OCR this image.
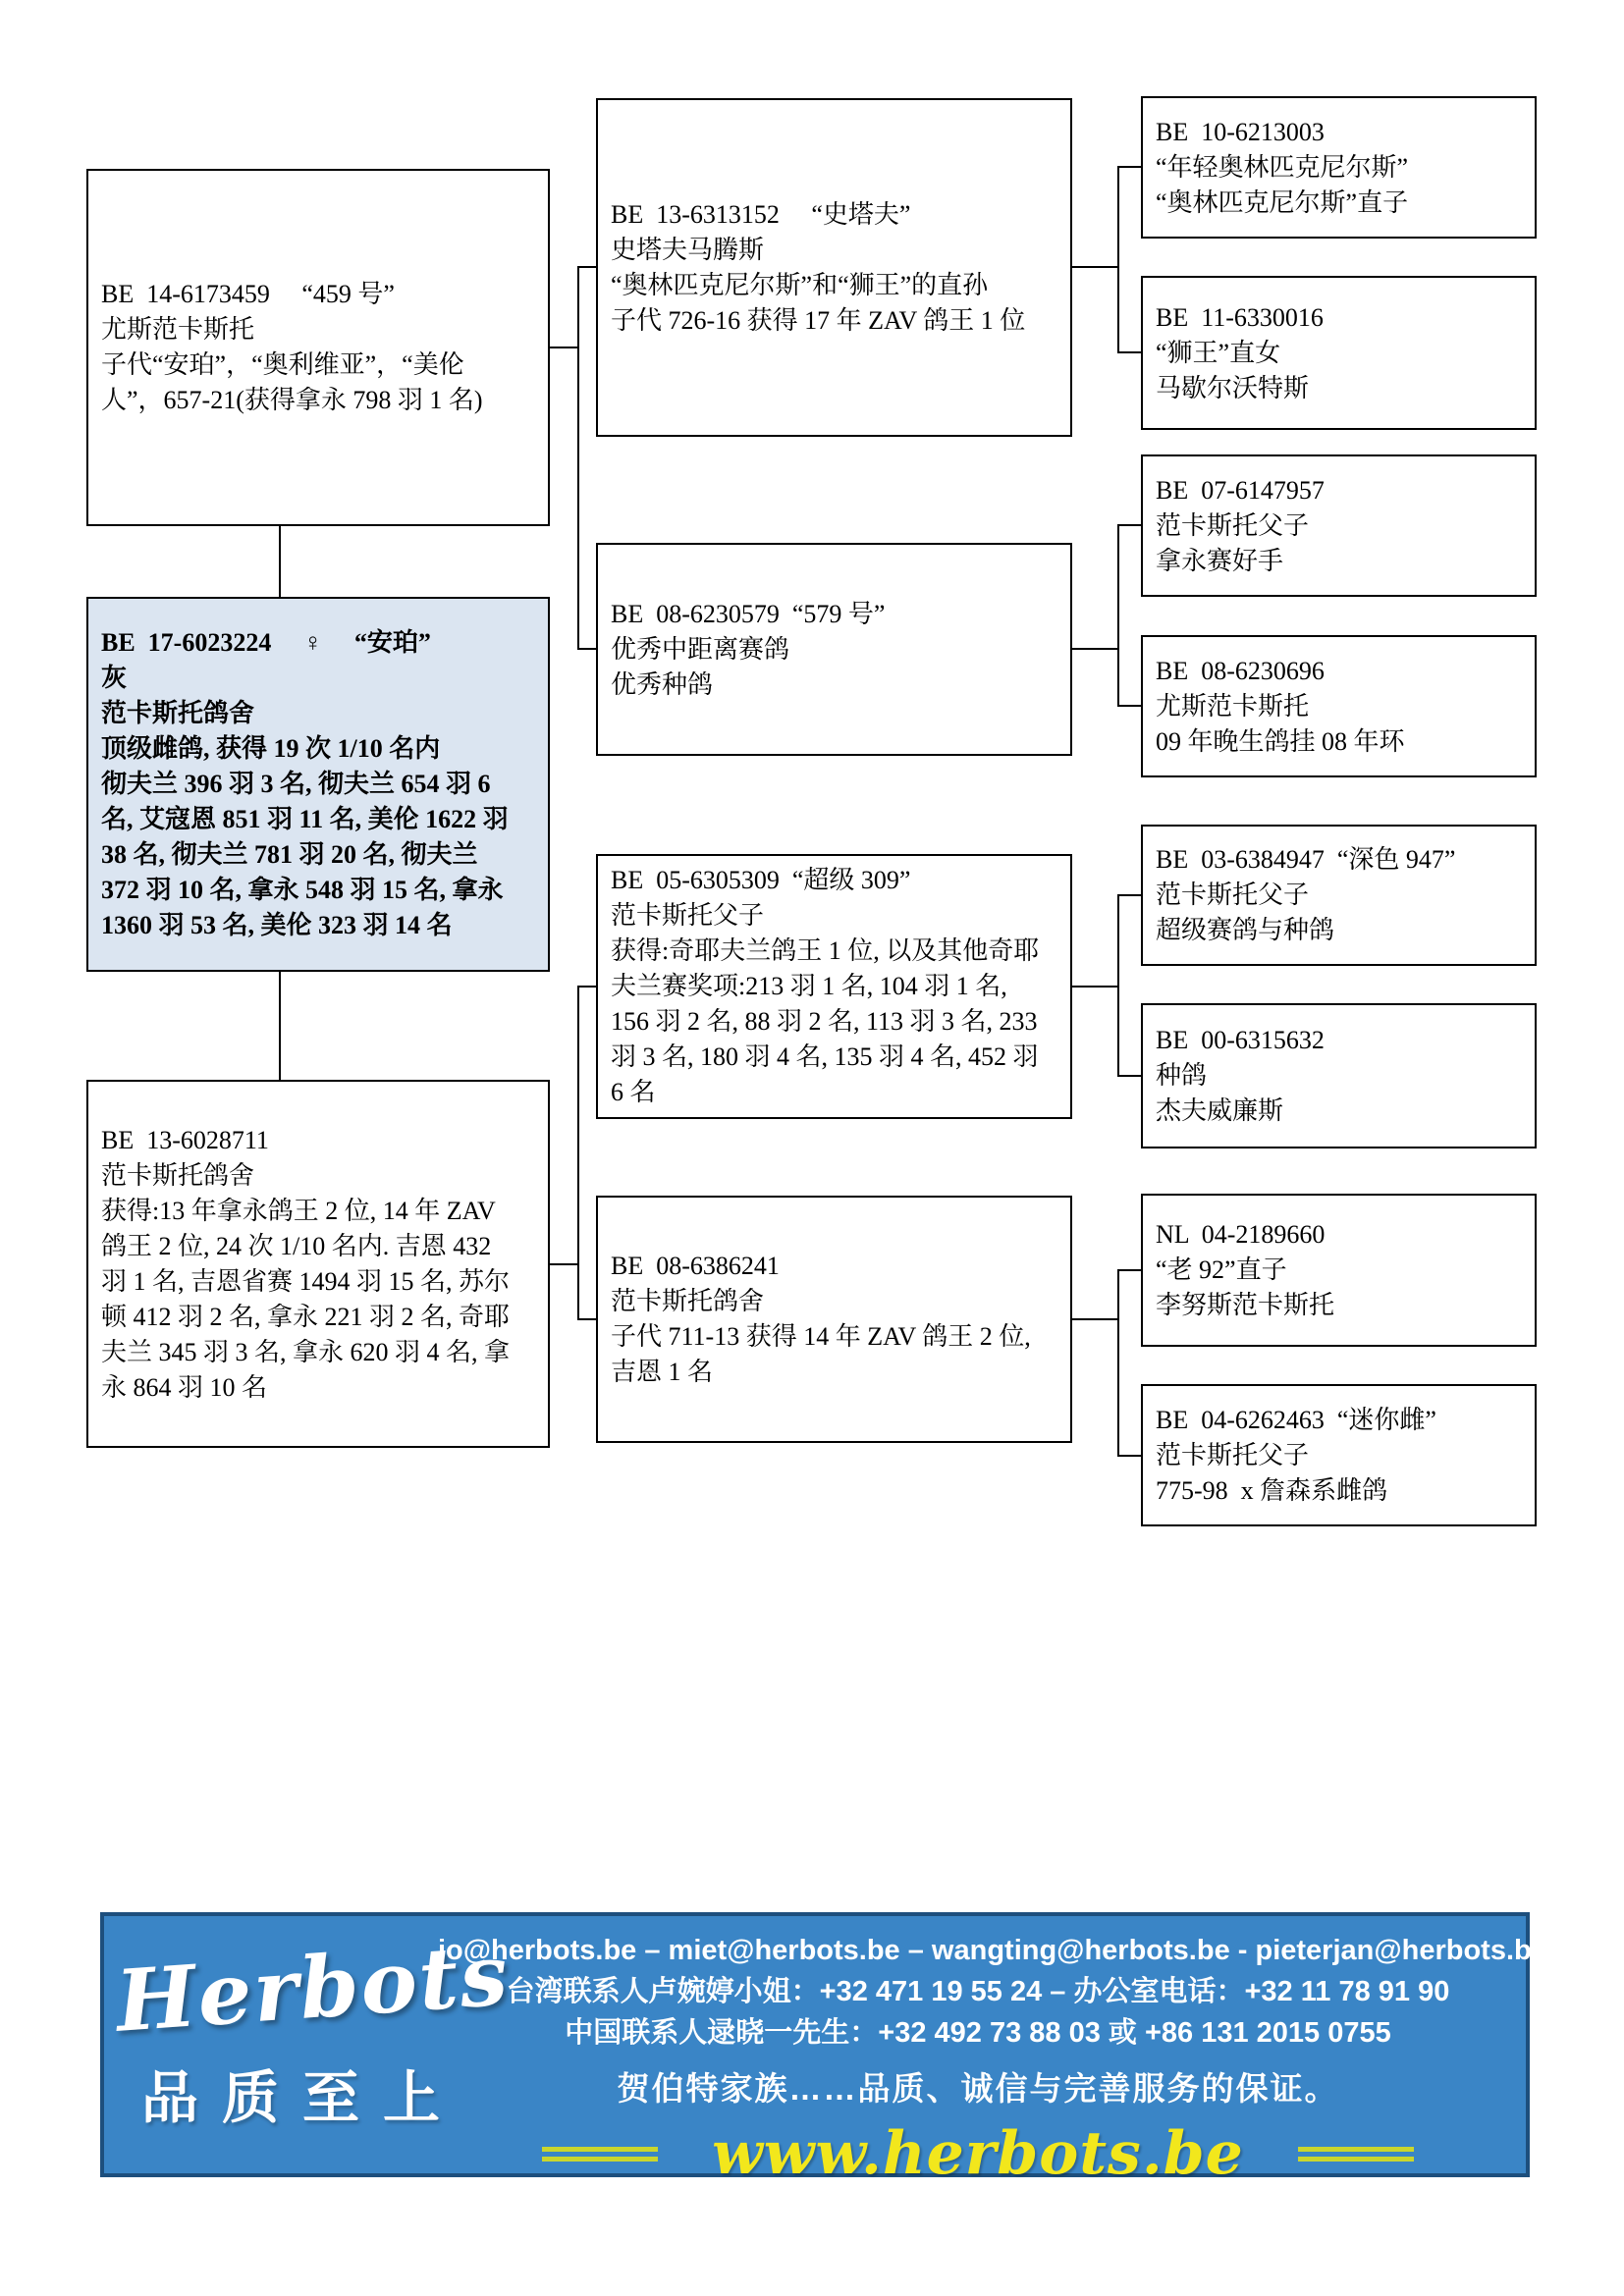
BE  14-6173459　 “459 号”
尤斯范卡斯托
子代“安珀”，“奥利维亚”，“美伦
人”，657-21(获得拿永 798 羽 1 名)
BE  17-6023224　 ♀　 “安珀”
灰
范卡斯托鸽舍
顶级雌鸽, 获得 19 次 1/10 名内
彻夫兰 396 羽 3 名, 彻夫兰 654 羽 6
名, 艾寇恩 851 羽 11 名, 美伦 1622 羽
38 名, 彻夫兰 781 羽 20 名, 彻夫兰
372 羽 10 名, 拿永 548 羽 15 名, 拿永
1360 羽 53 名, 美伦 323 羽 14 名
BE  13-6028711
范卡斯托鸽舍
获得:13 年拿永鸽王 2 位, 14 年 ZAV
鸽王 2 位, 24 次 1/10 名内. 吉恩 432
羽 1 名, 吉恩省赛 1494 羽 15 名, 苏尔
顿 412 羽 2 名, 拿永 221 羽 2 名, 奇耶
夫兰 345 羽 3 名, 拿永 620 羽 4 名, 拿
永 864 羽 10 名
BE  13-6313152　 “史塔夫”
史塔夫马腾斯
“奥林匹克尼尔斯”和“狮王”的直孙
子代 726-16 获得 17 年 ZAV 鸽王 1 位
BE  08-6230579  “579 号”
优秀中距离赛鸽
优秀种鸽
BE  05-6305309  “超级 309”
范卡斯托父子
获得:奇耶夫兰鸽王 1 位, 以及其他奇耶
夫兰赛奖项:213 羽 1 名, 104 羽 1 名,
156 羽 2 名, 88 羽 2 名, 113 羽 3 名, 233
羽 3 名, 180 羽 4 名, 135 羽 4 名, 452 羽
6 名
BE  08-6386241
范卡斯托鸽舍
子代 711-13 获得 14 年 ZAV 鸽王 2 位,
吉恩 1 名
BE  10-6213003
“年轻奥林匹克尼尔斯”
“奥林匹克尼尔斯”直子
BE  11-6330016
“狮王”直女
马歇尔沃特斯
BE  07-6147957
范卡斯托父子
拿永赛好手
BE  08-6230696
尤斯范卡斯托
09 年晚生鸽挂 08 年环
BE  03-6384947  “深色 947”
范卡斯托父子
超级赛鸽与种鸽
BE  00-6315632
种鸽
杰夫威廉斯
NL  04-2189660
“老 92”直子
李努斯范卡斯托
BE  04-6262463  “迷你雌”
范卡斯托父子
775-98  x 詹森系雌鸽
Herbots
品质至上
jo@herbots.be – miet@herbots.be – wangting@herbots.be - pieterjan@herbots.be
台湾联系人卢婉婷小姐：+32 471 19 55 24 – 办公室电话：+32 11 78 91 90
中国联系人逯晓一先生：+32 492 73 88 03 或 +86 131 2015 0755
贺伯特家族……品质、诚信与完善服务的保证。
www.herbots.be
